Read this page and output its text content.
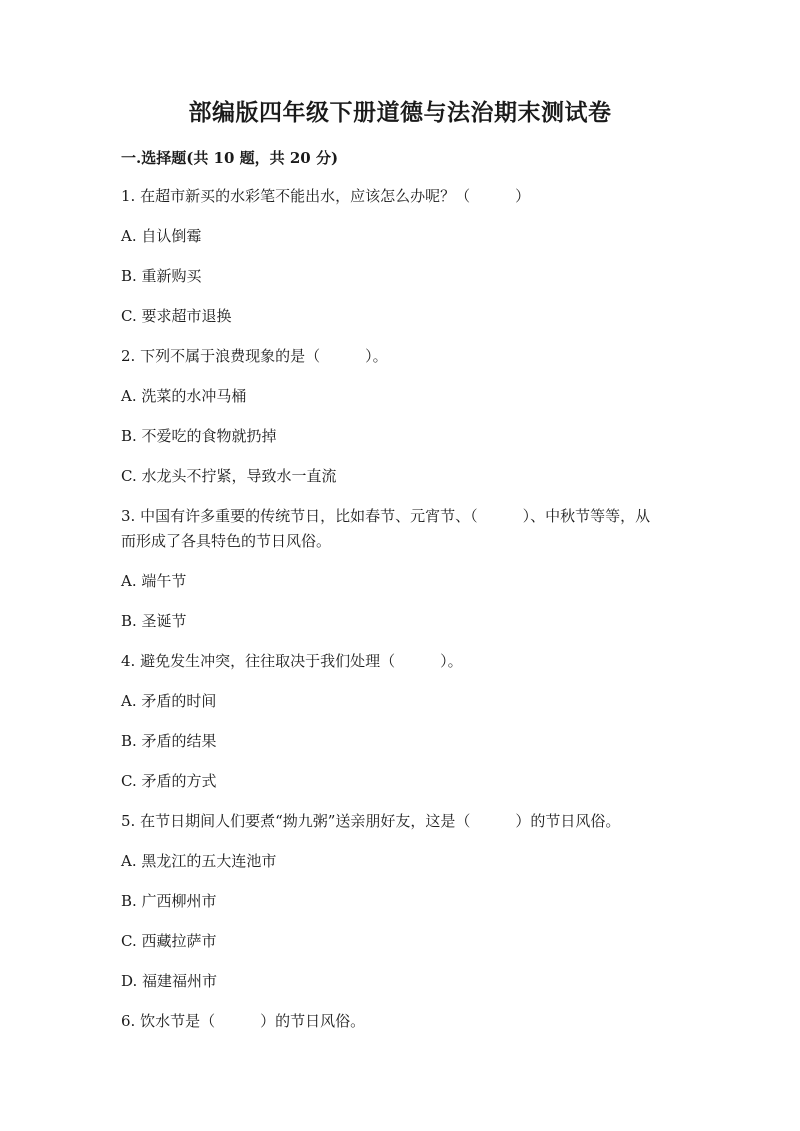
部编版四年级下册道德与法治期末测试卷
一.选择题(共 10 题，共 20 分)

1. 在超市新买的水彩笔不能出水，应该怎么办呢？（　　　）

A. 自认倒霉

B. 重新购买

C. 要求超市退换

2. 下列不属于浪费现象的是（　　　）。

A. 洗菜的水冲马桶

B. 不爱吃的食物就扔掉

C. 水龙头不拧紧，导致水一直流

3. 中国有许多重要的传统节日，比如春节、元宵节、（　　　）、中秋节等等，从而形成了各具特色的节日风俗。

A. 端午节

B. 圣诞节

4. 避免发生冲突，往往取决于我们处理（　　　）。

A. 矛盾的时间

B. 矛盾的结果

C. 矛盾的方式

5. 在节日期间人们要煮“拗九粥”送亲朋好友，这是（　　　）的节日风俗。

A. 黑龙江的五大连池市

B. 广西柳州市

C. 西藏拉萨市

D. 福建福州市

6. 饮水节是（　　　）的节日风俗。
